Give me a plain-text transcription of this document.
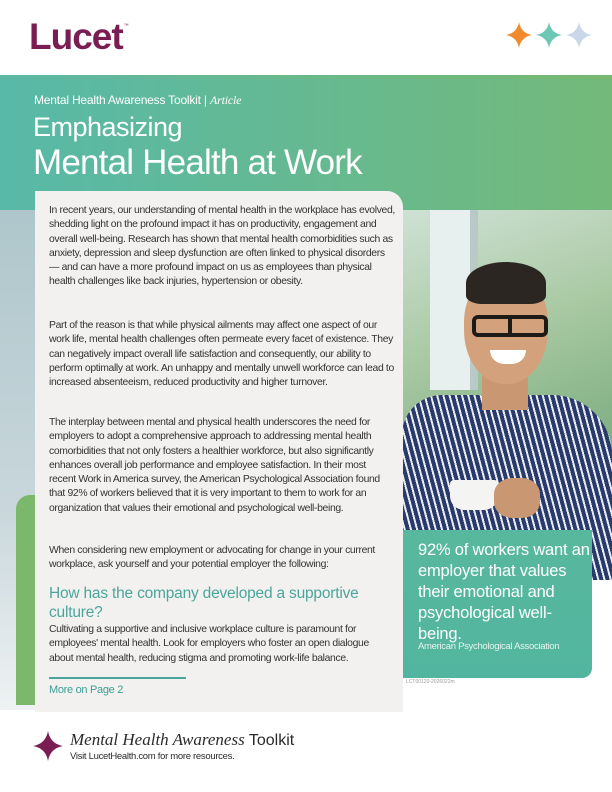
Lucet ™
Mental Health Awareness Toolkit | Article
Emphasizing
Mental Health at Work

In recent years, our understanding of mental health in the workplace has evolved, shedding light on the profound impact it has on productivity, engagement and overall well-being. Research has shown that mental health comorbidities such as anxiety, depression and sleep dysfunction are often linked to physical disorders — and can have a more profound impact on us as employees than physical health challenges like back injuries, hypertension or obesity.

Part of the reason is that while physical ailments may affect one aspect of our work life, mental health challenges often permeate every facet of existence. They can negatively impact overall life satisfaction and consequently, our ability to perform optimally at work. An unhappy and mentally unwell workforce can lead to increased absenteeism, reduced productivity and higher turnover.

The interplay between mental and physical health underscores the need for employers to adopt a comprehensive approach to addressing mental health comorbidities that not only fosters a healthier workforce, but also significantly enhances overall job performance and employee satisfaction. In their most recent Work in America survey, the American Psychological Association found that 92% of workers believed that it is very important to them to work for an organization that values their emotional and psychological well-being.

When considering new employment or advocating for change in your current workplace, ask yourself and your potential employer the following:

How has the company developed a supportive culture?

Cultivating a supportive and inclusive workplace culture is paramount for employees' mental health. Look for employers who foster an open dialogue about mental health, reducing stigma and promoting work-life balance.

More on Page 2
92% of workers want an employer that values their emotional and psychological well-being.
American Psychological Association
LCT00120-2026022m
Mental Health Awareness Toolkit
Visit LucetHealth.com for more resources.
